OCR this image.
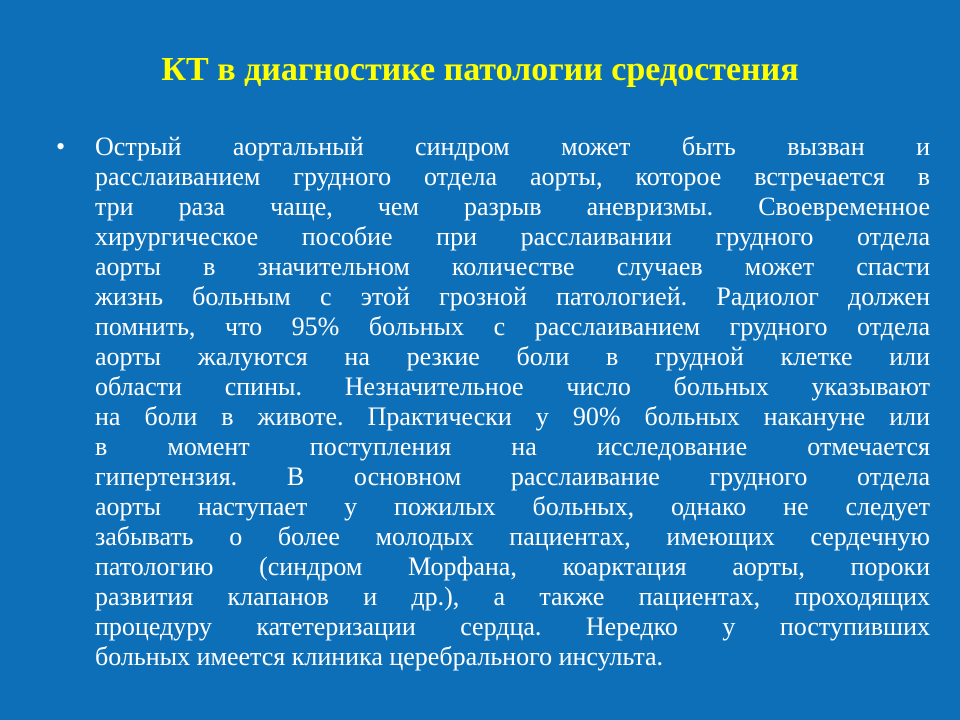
КТ в диагностике патологии средостения
• Острый аортальный синдром может быть вызван и
расслаиванием грудного отдела аорты, которое встречается в
три раза чаще, чем разрыв аневризмы. Своевременное
хирургическое пособие при расслаивании грудного отдела
аорты в значительном количестве случаев может спасти
жизнь больным с этой грозной патологией. Радиолог должен
помнить, что 95% больных с расслаиванием грудного отдела
аорты жалуются на резкие боли в грудной клетке или
области спины. Незначительное число больных указывают
на боли в животе. Практически у 90% больных накануне или
в момент поступления на исследование отмечается
гипертензия. В основном расслаивание грудного отдела
аорты наступает у пожилых больных, однако не следует
забывать о более молодых пациентах, имеющих сердечную
патологию (синдром Морфана, коарктация аорты, пороки
развития клапанов и др.), а также пациентах, проходящих
процедуру катетеризации сердца. Нередко у поступивших
больных имеется клиника церебрального инсульта.
